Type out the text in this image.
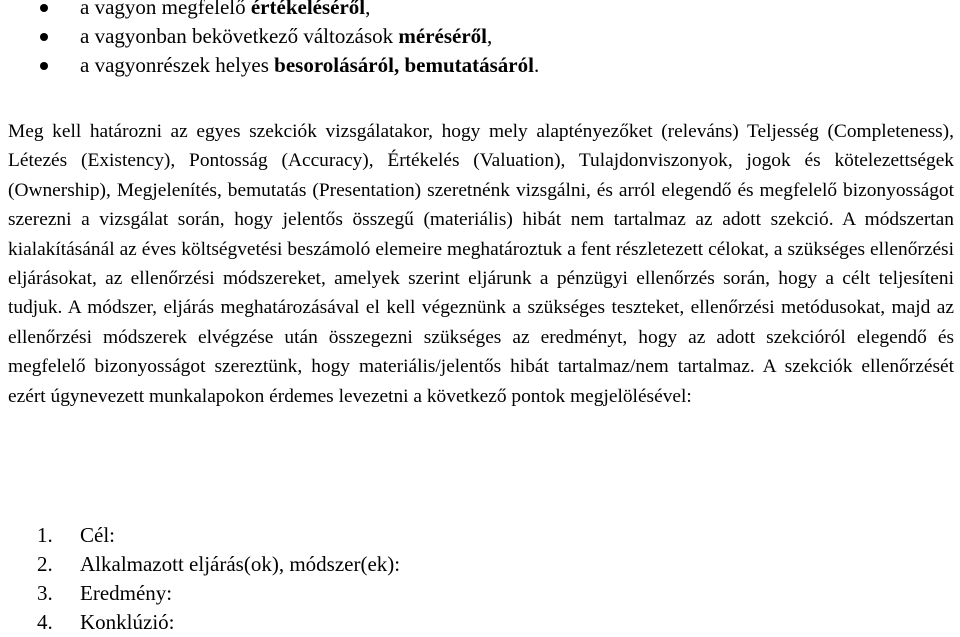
a vagyon megfelelő értékeléséről,
a vagyonban bekövetkező változások méréséről,
a vagyonrészek helyes besorolásáról, bemutatásáról.

Meg kell határozni az egyes szekciók vizsgálatakor, hogy mely alaptényezőket (releváns) Teljesség (Completeness), Létezés (Existency), Pontosság (Accuracy), Értékelés (Valuation), Tulajdonviszonyok, jogok és kötelezettségek (Ownership), Megjelenítés, bemutatás (Presentation) szeretnénk vizsgálni, és arról elegendő és megfelelő bizonyosságot szerezni a vizsgálat során, hogy jelentős összegű (materiális) hibát nem tartalmaz az adott szekció. A módszertan kialakításánál az éves költségvetési beszámoló elemeire meghatároztuk a fent részletezett célokat, a szükséges ellenőrzési eljárásokat, az ellenőrzési módszereket, amelyek szerint eljárunk a pénzügyi ellenőrzés során, hogy a célt teljesíteni tudjuk. A módszer, eljárás meghatározásával el kell végeznünk a szükséges teszteket, ellenőrzési metódusokat, majd az ellenőrzési módszerek elvégzése után összegezni szükséges az eredményt, hogy az adott szekcióról elegendő és megfelelő bizonyosságot szereztünk, hogy materiális/jelentős hibát tartalmaz/nem tartalmaz. A szekciók ellenőrzését ezért úgynevezett munkalapokon érdemes levezetni a következő pontok megjelölésével:

1. Cél:
2. Alkalmazott eljárás(ok), módszer(ek):
3. Eredmény:
4. Konklúzió:
